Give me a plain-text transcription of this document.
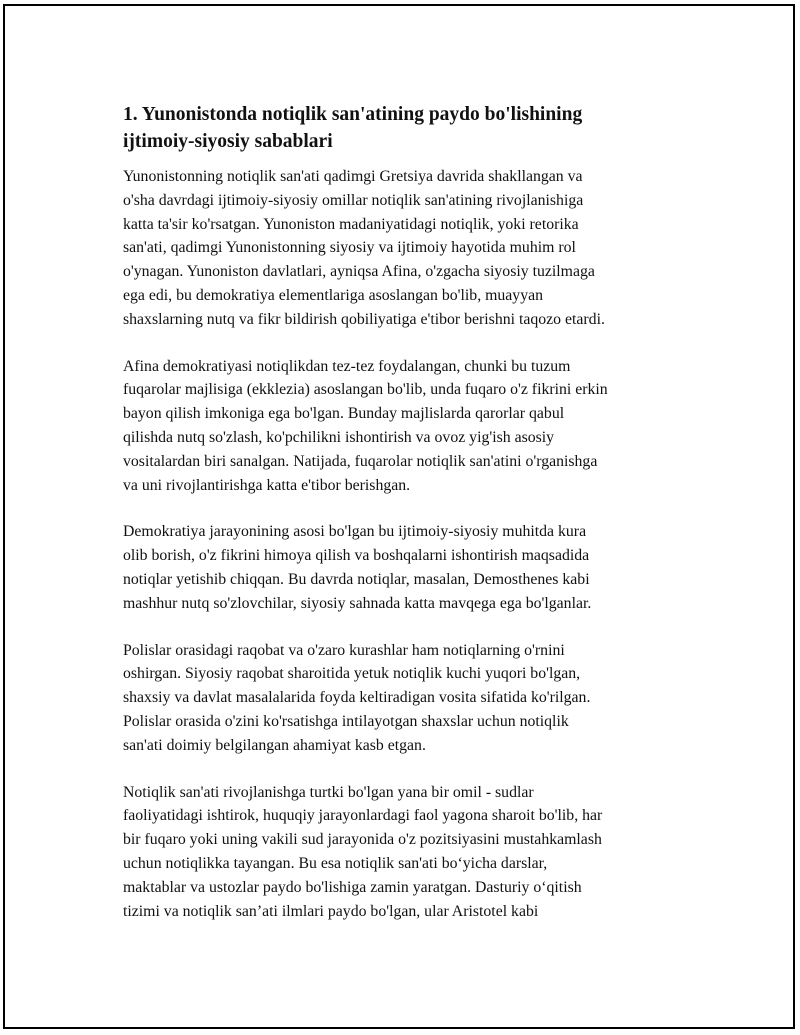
1. Yunonistonda notiqlik san'atining paydo bo'lishining
ijtimoiy-siyosiy sabablari

Yunonistonning notiqlik san'ati qadimgi Gretsiya davrida shakllangan va
o'sha davrdagi ijtimoiy-siyosiy omillar notiqlik san'atining rivojlanishiga
katta ta'sir ko'rsatgan. Yunoniston madaniyatidagi notiqlik, yoki retorika
san'ati, qadimgi Yunonistonning siyosiy va ijtimoiy hayotida muhim rol
o'ynagan. Yunoniston davlatlari, ayniqsa Afina, o'zgacha siyosiy tuzilmaga
ega edi, bu demokratiya elementlariga asoslangan bo'lib, muayyan
shaxslarning nutq va fikr bildirish qobiliyatiga e'tibor berishni taqozo etardi.

Afina demokratiyasi notiqlikdan tez-tez foydalangan, chunki bu tuzum
fuqarolar majlisiga (ekklezia) asoslangan bo'lib, unda fuqaro o'z fikrini erkin
bayon qilish imkoniga ega bo'lgan. Bunday majlislarda qarorlar qabul
qilishda nutq so'zlash, ko'pchilikni ishontirish va ovoz yig'ish asosiy
vositalardan biri sanalgan. Natijada, fuqarolar notiqlik san'atini o'rganishga
va uni rivojlantirishga katta e'tibor berishgan.

Demokratiya jarayonining asosi bo'lgan bu ijtimoiy-siyosiy muhitda kura
olib borish, o'z fikrini himoya qilish va boshqalarni ishontirish maqsadida
notiqlar yetishib chiqqan. Bu davrda notiqlar, masalan, Demosthenes kabi
mashhur nutq so'zlovchilar, siyosiy sahnada katta mavqega ega bo'lganlar.

Polislar orasidagi raqobat va o'zaro kurashlar ham notiqlarning o'rnini
oshirgan. Siyosiy raqobat sharoitida yetuk notiqlik kuchi yuqori bo'lgan,
shaxsiy va davlat masalalarida foyda keltiradigan vosita sifatida ko'rilgan.
Polislar orasida o'zini ko'rsatishga intilayotgan shaxslar uchun notiqlik
san'ati doimiy belgilangan ahamiyat kasb etgan.

Notiqlik san'ati rivojlanishga turtki bo'lgan yana bir omil - sudlar
faoliyatidagi ishtirok, huquqiy jarayonlardagi faol yagona sharoit bo'lib, har
bir fuqaro yoki uning vakili sud jarayonida o'z pozitsiyasini mustahkamlash
uchun notiqlikka tayangan. Bu esa notiqlik san'ati bo‘yicha darslar,
maktablar va ustozlar paydo bo'lishiga zamin yaratgan. Dasturiy o‘qitish
tizimi va notiqlik san’ati ilmlari paydo bo'lgan, ular Aristotel kabi
